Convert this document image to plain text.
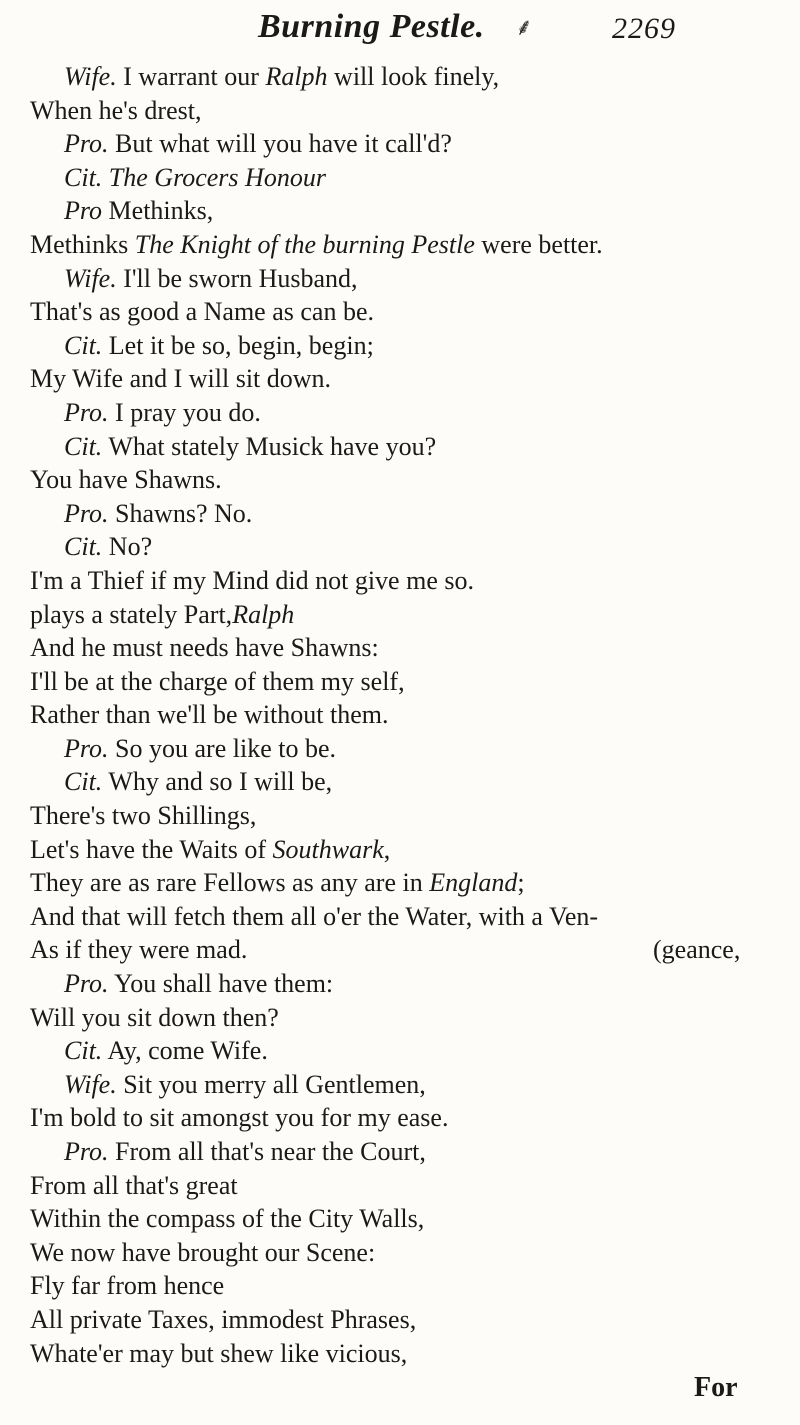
Burning Pestle. ⸙	2269
Wife. I warrant our Ralph will look finely,
When he's drest,
Pro. But what will you have it call'd?
Cit. The Grocers Honour
Pro Methinks,
Methinks The Knight of the burning Pestle were better.
Wife. I'll be sworn Husband,
That's as good a Name as can be.
Cit. Let it be so, begin, begin;
My Wife and I will sit down.
Pro. I pray you do.
Cit. What stately Musick have you?
You have Shawns.
Pro. Shawns? No.
Cit. No?
I'm a Thief if my Mind did not give me so.
plays a stately Part,Ralph
And he must needs have Shawns:
I'll be at the charge of them my self,
Rather than we'll be without them.
Pro. So you are like to be.
Cit. Why and so I will be,
There's two Shillings,
Let's have the Waits of Southwark,
They are as rare Fellows as any are in England;
And that will fetch them all o'er the Water, with a Ven-
As if they were mad.	(geance,
Pro. You shall have them:
Will you sit down then?
Cit. Ay, come Wife.
Wife. Sit you merry all Gentlemen,
I'm bold to sit amongst you for my ease.
Pro. From all that's near the Court,
From all that's great
Within the compass of the City Walls,
We now have brought our Scene:
Fly far from hence
All private Taxes, immodest Phrases,
Whate'er may but shew like vicious,
For
